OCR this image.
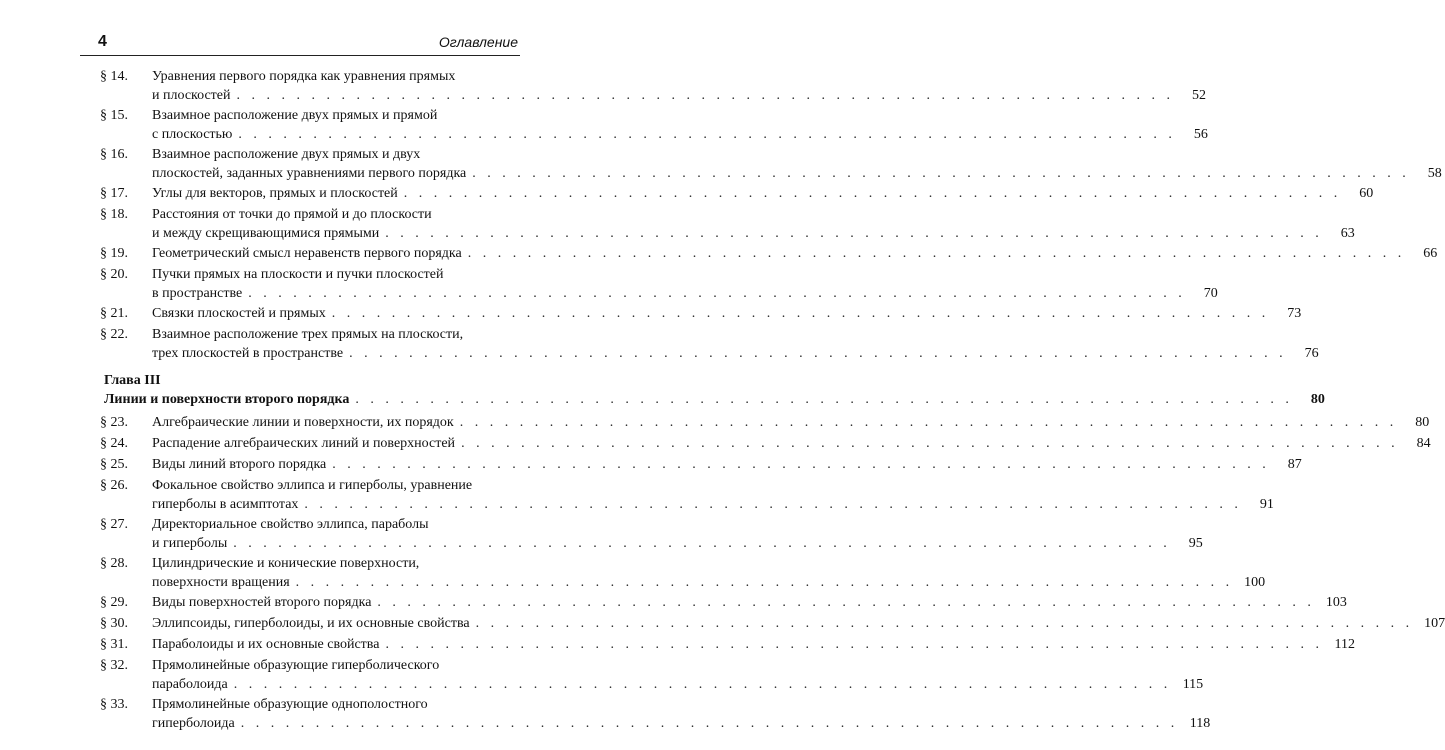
4	Оглавление
§ 14. Уравнения первого порядка как уравнения прямых
и плоскостей . . . . . . . . . . . . . . . . . . . . . . . . . . . . . . . . . . . . . . . . . . . . . . . . . . . . . . . . . . . . . . .	52
§ 15. Взаимное расположение двух прямых и прямой
с плоскостью . . . . . . . . . . . . . . . . . . . . . . . . . . . . . . . . . . . . . . . . . . . . . . . . . . . . . . . . . . . . . . .	56
§ 16. Взаимное расположение двух прямых и двух
плоскостей, заданных уравнениями первого порядка . . . . . . . . . . . . . . . . . . . . . . . . . . . . . . . . . . . . . . . . . . . . . . . . . . . . . . . . . . . . . . .	58
§ 17. Углы для векторов, прямых и плоскостей . . . . . . . . . . . . . . . . . . . . . . . . . . . . . . . . . . . . . . . . . . . . . . . . . . . . . . . . . . . . . . .	60
§ 18. Расстояния от точки до прямой и до плоскости
и между скрещивающимися прямыми . . . . . . . . . . . . . . . . . . . . . . . . . . . . . . . . . . . . . . . . . . . . . . . . . . . . . . . . . . . . . . .	63
§ 19. Геометрический смысл неравенств первого порядка . . . . . . . . . . . . . . . . . . . . . . . . . . . . . . . . . . . . . . . . . . . . . . . . . . . . . . . . . . . . . . .	66
§ 20. Пучки прямых на плоскости и пучки плоскостей
в пространстве . . . . . . . . . . . . . . . . . . . . . . . . . . . . . . . . . . . . . . . . . . . . . . . . . . . . . . . . . . . . . . .	70
§ 21. Связки плоскостей и прямых . . . . . . . . . . . . . . . . . . . . . . . . . . . . . . . . . . . . . . . . . . . . . . . . . . . . . . . . . . . . . . .	73
§ 22. Взаимное расположение трех прямых на плоскости,
трех плоскостей в пространстве . . . . . . . . . . . . . . . . . . . . . . . . . . . . . . . . . . . . . . . . . . . . . . . . . . . . . . . . . . . . . . .	76
Глава III
Линии и поверхности второго порядка . . . . . . . . . . . . . . . . . . . . . . . . . . . . . . . . . . . . . . . . . . . . . . . . . . . . . . . . . . . . . . .	80
§ 23. Алгебраические линии и поверхности, их порядок . . . . . . . . . . . . . . . . . . . . . . . . . . . . . . . . . . . . . . . . . . . . . . . . . . . . . . . . . . . . . . .	80
§ 24. Распадение алгебраических линий и поверхностей . . . . . . . . . . . . . . . . . . . . . . . . . . . . . . . . . . . . . . . . . . . . . . . . . . . . . . . . . . . . . . .	84
§ 25. Виды линий второго порядка . . . . . . . . . . . . . . . . . . . . . . . . . . . . . . . . . . . . . . . . . . . . . . . . . . . . . . . . . . . . . . .	87
§ 26. Фокальное свойство эллипса и гиперболы, уравнение
гиперболы в асимптотах . . . . . . . . . . . . . . . . . . . . . . . . . . . . . . . . . . . . . . . . . . . . . . . . . . . . . . . . . . . . . . .	91
§ 27. Директориальное свойство эллипса, параболы
и гиперболы . . . . . . . . . . . . . . . . . . . . . . . . . . . . . . . . . . . . . . . . . . . . . . . . . . . . . . . . . . . . . . .	95
§ 28. Цилиндрические и конические поверхности,
поверхности вращения . . . . . . . . . . . . . . . . . . . . . . . . . . . . . . . . . . . . . . . . . . . . . . . . . . . . . . . . . . . . . . . 100
§ 29. Виды поверхностей второго порядка . . . . . . . . . . . . . . . . . . . . . . . . . . . . . . . . . . . . . . . . . . . . . . . . . . . . . . . . . . . . . . . 103
§ 30. Эллипсоиды, гиперболоиды, и их основные свойства . . . . . . . . . . . . . . . . . . . . . . . . . . . . . . . . . . . . . . . . . . . . . . . . . . . . . . . . . . . . . . . 107
§ 31. Параболоиды и их основные свойства . . . . . . . . . . . . . . . . . . . . . . . . . . . . . . . . . . . . . . . . . . . . . . . . . . . . . . . . . . . . . . . 112
§ 32. Прямолинейные образующие гиперболического
параболоида . . . . . . . . . . . . . . . . . . . . . . . . . . . . . . . . . . . . . . . . . . . . . . . . . . . . . . . . . . . . . . . 115
§ 33. Прямолинейные образующие однополостного
гиперболоида . . . . . . . . . . . . . . . . . . . . . . . . . . . . . . . . . . . . . . . . . . . . . . . . . . . . . . . . . . . . . . . 118
